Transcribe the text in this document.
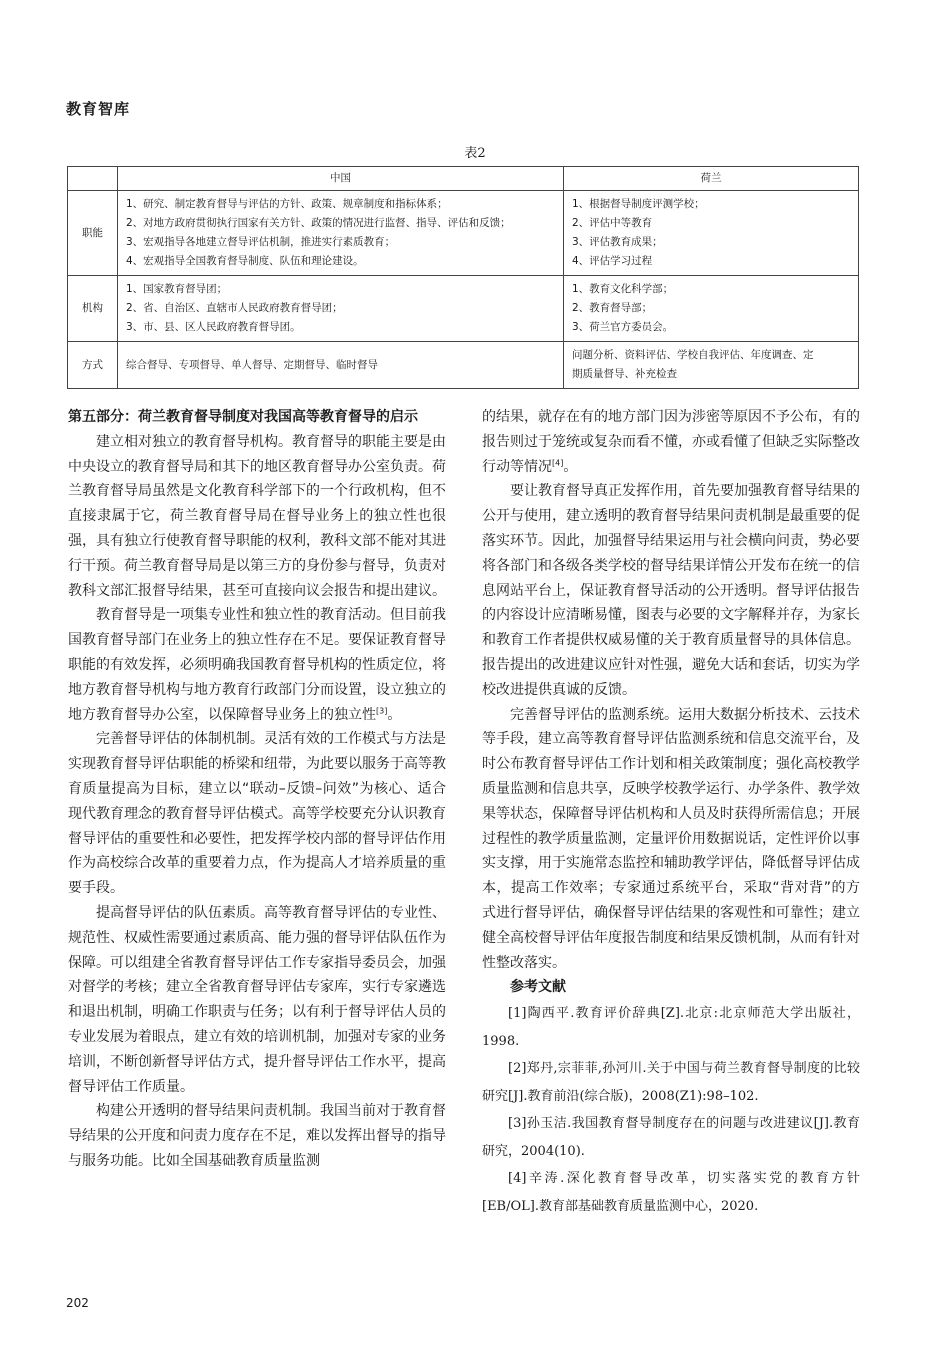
教育智库
表2
	中国	荷兰
职能	1、研究、制定教育督导与评估的方针、政策、规章制度和指标体系；
2、对地方政府贯彻执行国家有关方针、政策的情况进行监督、指导、评估和反馈；
3、宏观指导各地建立督导评估机制，推进实行素质教育；
4、宏观指导全国教育督导制度、队伍和理论建设。	1、根据督导制度评测学校；
2、评估中等教育
3、评估教育成果；
4、评估学习过程

机构	1、国家教育督导团；
2、省、自治区、直辖市人民政府教育督导团；
3、市、县、区人民政府教育督导团。	1、教育文化科学部；
2、教育督导部；
3、荷兰官方委员会。

方式	综合督导、专项督导、单人督导、定期督导、临时督导	问题分析、资料评估、学校自我评估、年度调查、定
期质量督导、补充检查

第五部分：荷兰教育督导制度对我国高等教育督导的启示

建立相对独立的教育督导机构。教育督导的职能主要是由中央设立的教育督导局和其下的地区教育督导办公室负责。荷兰教育督导局虽然是文化教育科学部下的一个行政机构，但不直接隶属于它，荷兰教育督导局在督导业务上的独立性也很强，具有独立行使教育督导职能的权利，教科文部不能对其进行干预。荷兰教育督导局是以第三方的身份参与督导，负责对教科文部汇报督导结果，甚至可直接向议会报告和提出建议。

教育督导是一项集专业性和独立性的教育活动。但目前我国教育督导部门在业务上的独立性存在不足。要保证教育督导职能的有效发挥，必须明确我国教育督导机构的性质定位，将地方教育督导机构与地方教育行政部门分而设置，设立独立的地方教育督导办公室，以保障督导业务上的独立性[3]。

完善督导评估的体制机制。灵活有效的工作模式与方法是实现教育督导评估职能的桥梁和纽带，为此要以服务于高等教育质量提高为目标，建立以“联动–反馈–问效”为核心、适合现代教育理念的教育督导评估模式。高等学校要充分认识教育督导评估的重要性和必要性，把发挥学校内部的督导评估作用作为高校综合改革的重要着力点，作为提高人才培养质量的重要手段。

提高督导评估的队伍素质。高等教育督导评估的专业性、规范性、权威性需要通过素质高、能力强的督导评估队伍作为保障。可以组建全省教育督导评估工作专家指导委员会，加强对督学的考核；建立全省教育督导评估专家库，实行专家遴选和退出机制，明确工作职责与任务；以有利于督导评估人员的专业发展为着眼点，建立有效的培训机制，加强对专家的业务培训，不断创新督导评估方式，提升督导评估工作水平，提高督导评估工作质量。

构建公开透明的督导结果问责机制。我国当前对于教育督导结果的公开度和问责力度存在不足，难以发挥出督导的指导与服务功能。比如全国基础教育质量监测

的结果，就存在有的地方部门因为涉密等原因不予公布，有的报告则过于笼统或复杂而看不懂，亦或看懂了但缺乏实际整改行动等情况[4]。

要让教育督导真正发挥作用，首先要加强教育督导结果的公开与使用，建立透明的教育督导结果问责机制是最重要的促落实环节。因此，加强督导结果运用与社会横向问责，势必要将各部门和各级各类学校的督导结果详情公开发布在统一的信息网站平台上，保证教育督导活动的公开透明。督导评估报告的内容设计应清晰易懂，图表与必要的文字解释并存，为家长和教育工作者提供权威易懂的关于教育质量督导的具体信息。报告提出的改进建议应针对性强，避免大话和套话，切实为学校改进提供真诚的反馈。

完善督导评估的监测系统。运用大数据分析技术、云技术等手段，建立高等教育督导评估监测系统和信息交流平台，及时公布教育督导评估工作计划和相关政策制度；强化高校教学质量监测和信息共享，反映学校教学运行、办学条件、教学效果等状态，保障督导评估机构和人员及时获得所需信息；开展过程性的教学质量监测，定量评价用数据说话，定性评价以事实支撑，用于实施常态监控和辅助教学评估，降低督导评估成本，提高工作效率；专家通过系统平台，采取“背对背”的方式进行督导评估，确保督导评估结果的客观性和可靠性；建立健全高校督导评估年度报告制度和结果反馈机制，从而有针对性整改落实。

参考文献

[1]陶西平.教育评价辞典[Z].北京:北京师范大学出版社，1998.

[2]郑丹,宗菲菲,孙河川.关于中国与荷兰教育督导制度的比较研究[J].教育前沿(综合版)，2008(Z1):98–102.

[3]孙玉洁.我国教育督导制度存在的问题与改进建议[J].教育研究，2004(10).

[4]辛涛.深化教育督导改革，切实落实党的教育方针[EB/OL].教育部基础教育质量监测中心，2020.

202
